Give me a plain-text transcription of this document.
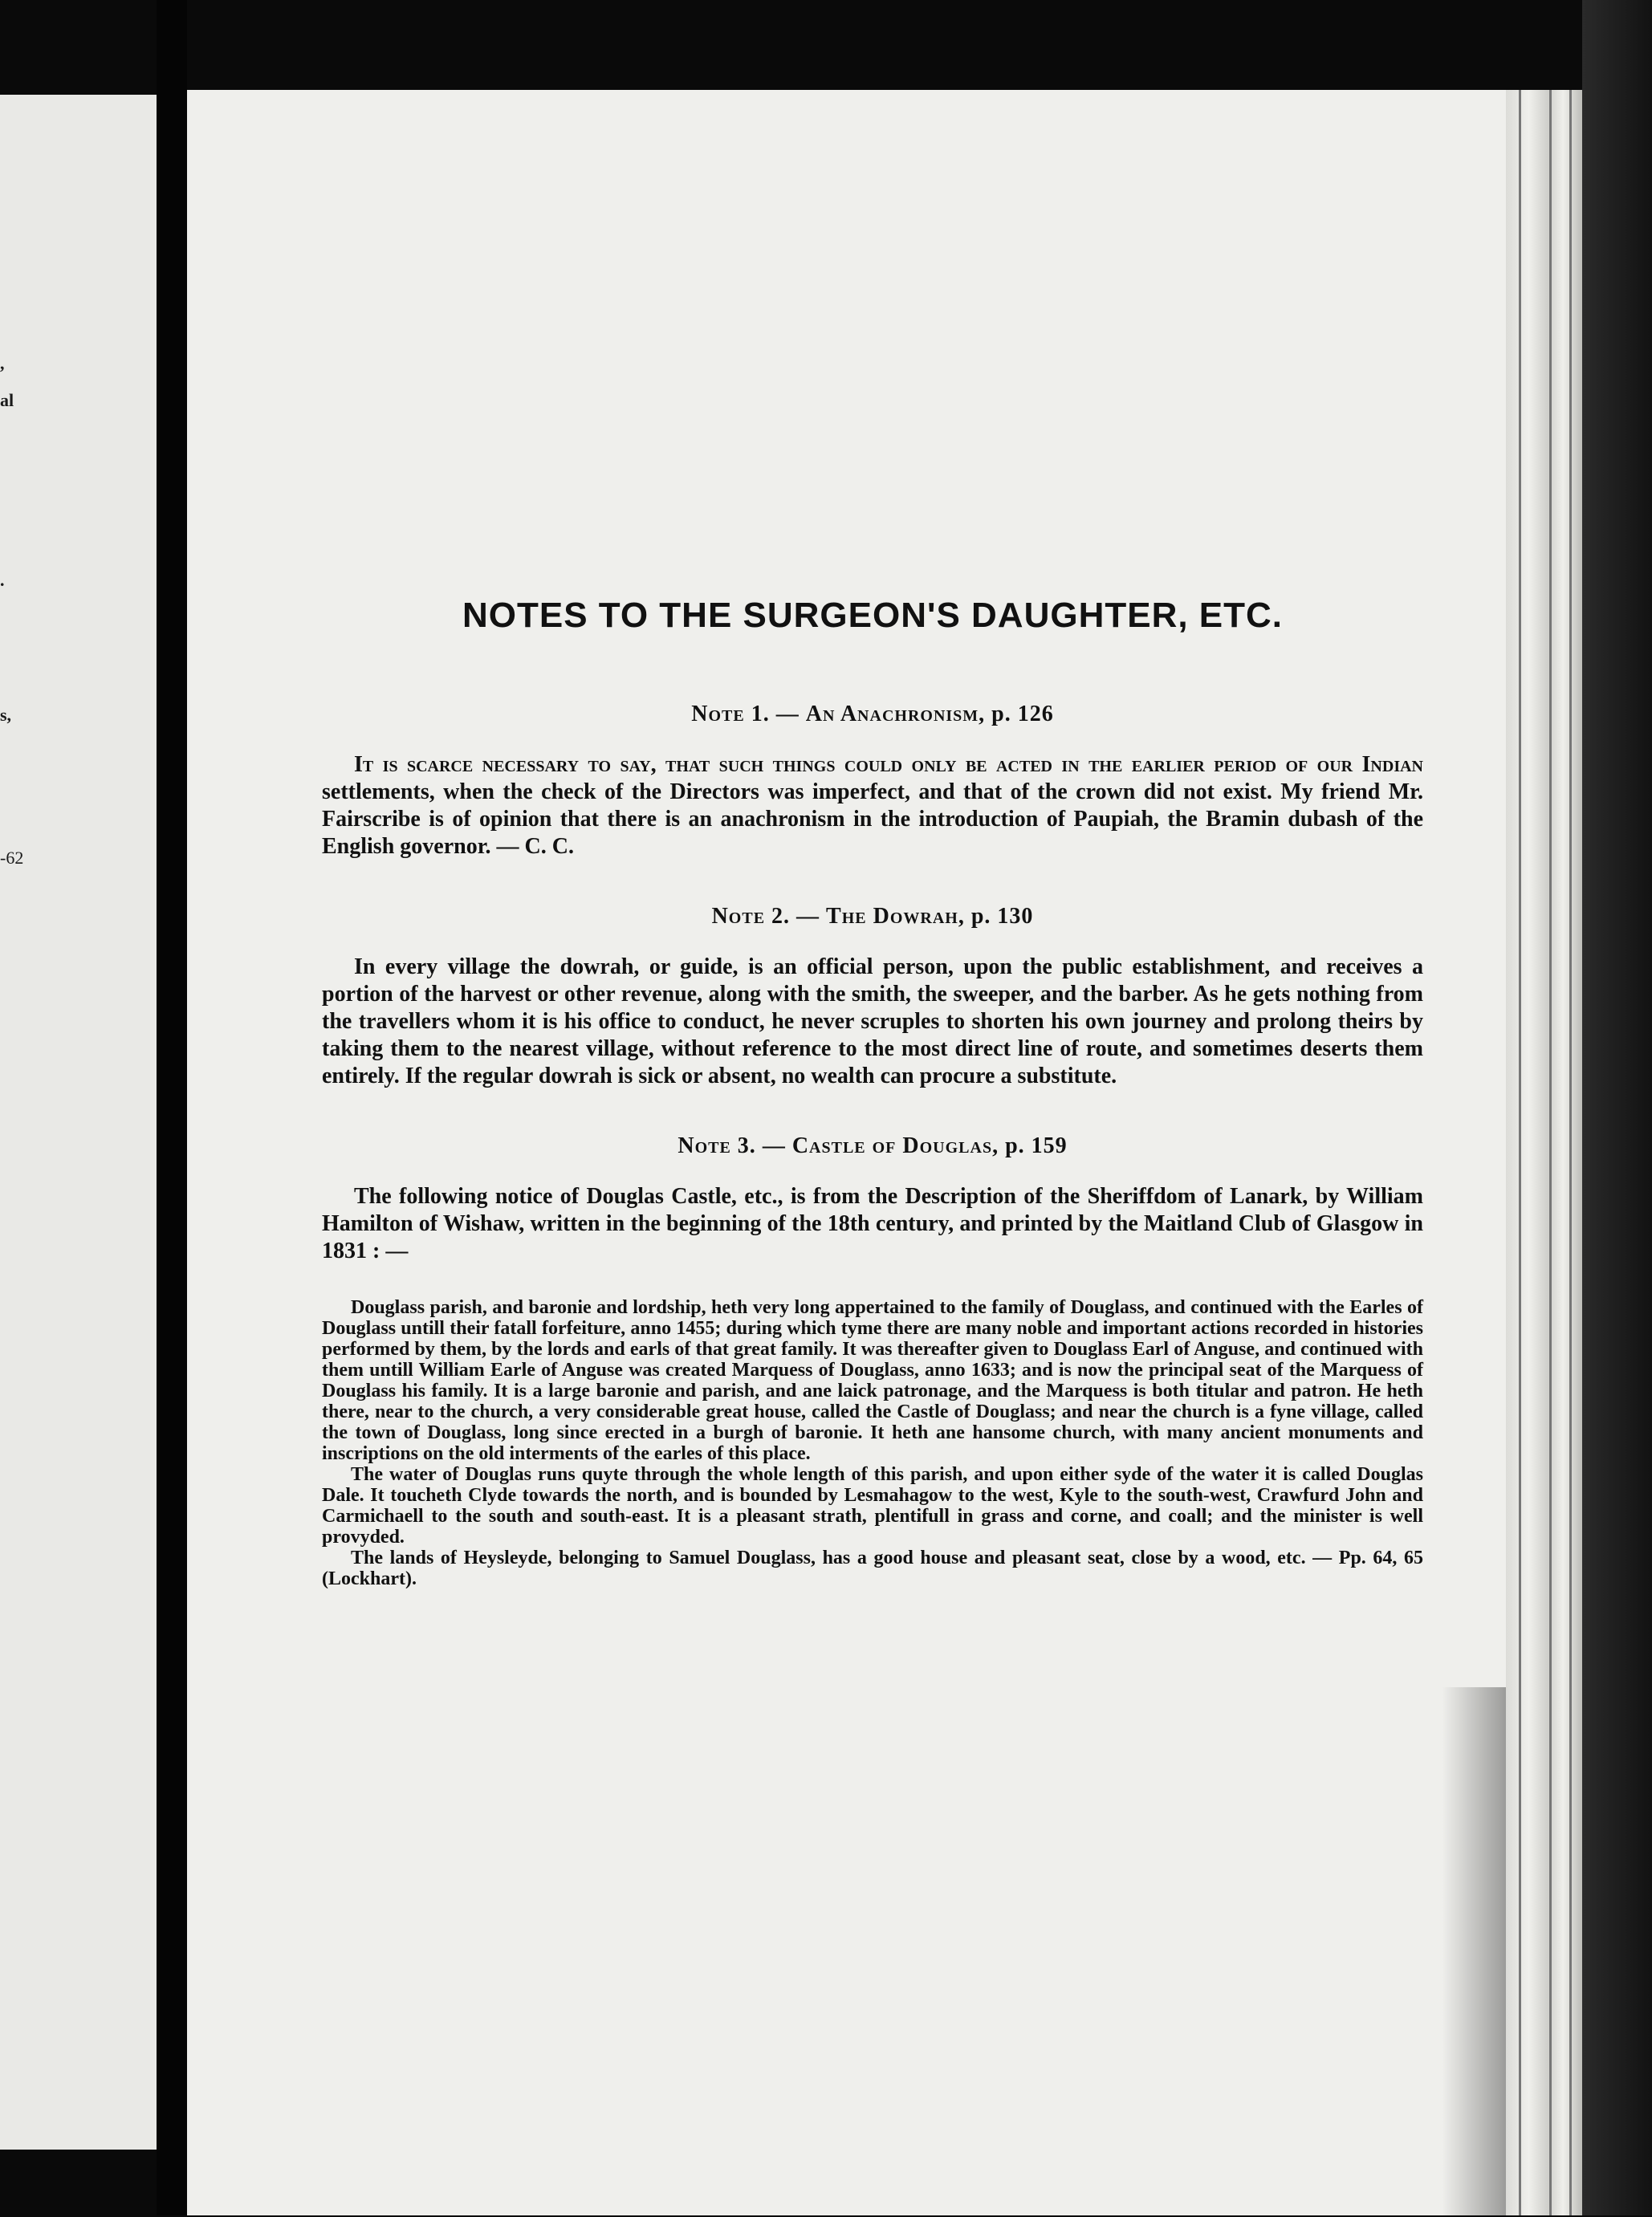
,
al
.
s,
-62
NOTES TO THE SURGEON'S DAUGHTER, ETC.
Note 1. — An Anachronism, p. 126

It is scarce necessary to say, that such things could only be acted in the earlier period of our Indian settlements, when the check of the Directors was imperfect, and that of the crown did not exist. My friend Mr. Fairscribe is of opinion that there is an anachronism in the introduction of Paupiah, the Bramin dubash of the English governor. — C. C.

Note 2. — The Dowrah, p. 130

In every village the dowrah, or guide, is an official person, upon the public establishment, and receives a portion of the harvest or other revenue, along with the smith, the sweeper, and the barber. As he gets nothing from the travellers whom it is his office to conduct, he never scruples to shorten his own journey and prolong theirs by taking them to the nearest village, without reference to the most direct line of route, and sometimes deserts them entirely. If the regular dowrah is sick or absent, no wealth can procure a substitute.

Note 3. — Castle of Douglas, p. 159

The following notice of Douglas Castle, etc., is from the Description of the Sheriffdom of Lanark, by William Hamilton of Wishaw, written in the beginning of the 18th century, and printed by the Maitland Club of Glasgow in 1831 : —

Douglass parish, and baronie and lordship, heth very long appertained to the family of Douglass, and continued with the Earles of Douglass untill their fatall forfeiture, anno 1455; during which tyme there are many noble and important actions recorded in histories performed by them, by the lords and earls of that great family. It was thereafter given to Douglass Earl of Anguse, and continued with them untill William Earle of Anguse was created Marquess of Douglass, anno 1633; and is now the principal seat of the Marquess of Douglass his family. It is a large baronie and parish, and ane laick patronage, and the Marquess is both titular and patron. He heth there, near to the church, a very considerable great house, called the Castle of Douglass; and near the church is a fyne village, called the town of Douglass, long since erected in a burgh of baronie. It heth ane hansome church, with many ancient monuments and inscriptions on the old interments of the earles of this place.

The water of Douglas runs quyte through the whole length of this parish, and upon either syde of the water it is called Douglas Dale. It toucheth Clyde towards the north, and is bounded by Lesmahagow to the west, Kyle to the south-west, Crawfurd John and Carmichaell to the south and south-east. It is a pleasant strath, plentifull in grass and corne, and coall; and the minister is well provyded.

The lands of Heysleyde, belonging to Samuel Douglass, has a good house and pleasant seat, close by a wood, etc. — Pp. 64, 65 (Lockhart).
